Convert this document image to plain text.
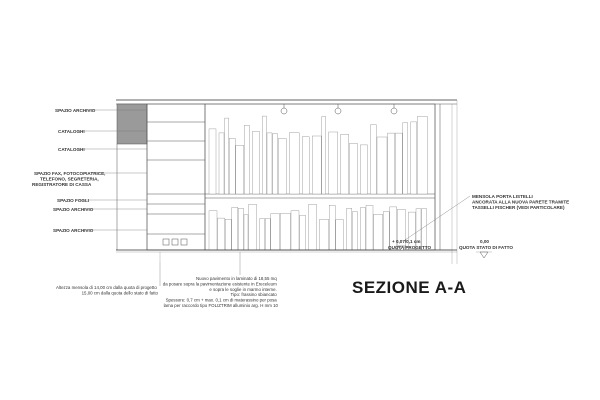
SPAZIO ARCHIVIO
CATALOGHI
CATALOGHI
SPAZIO FAX, FOTOCOPIATRICE, TELEFONO, SEGRETERIA, REGISTRATORE DI CASSA
SPAZIO FOGLI
SPAZIO ARCHIVIO
SPAZIO ARCHIVIO
MENSOLA PORTA LISTELLI ANCORATA ALLA NUOVA PARETE TRAMITE TASSELLI FISCHER (VEDI PARTICOLARE)
+ 0,07/0,1 cm
QUOTA PROGETTO
0,00
QUOTA STATO DI FATTO
Altezza mensola di 14,00 cm dalla quota di progetto 15,00 cm dalla quota dello stato di fatto
Nuovo pavimento in laminato di 18,55 mq da posare sopra la pavimentazione esistente in Ereceleum e sopra le soglie in marmo interne. Tipo: frassino sbiancato Spessore: 0,7 cm + max. 0,1 cm di materassino per posa lama per raccordo tipo FOLIZTRIM alluminio arg. H mm 10
SEZIONE A-A
